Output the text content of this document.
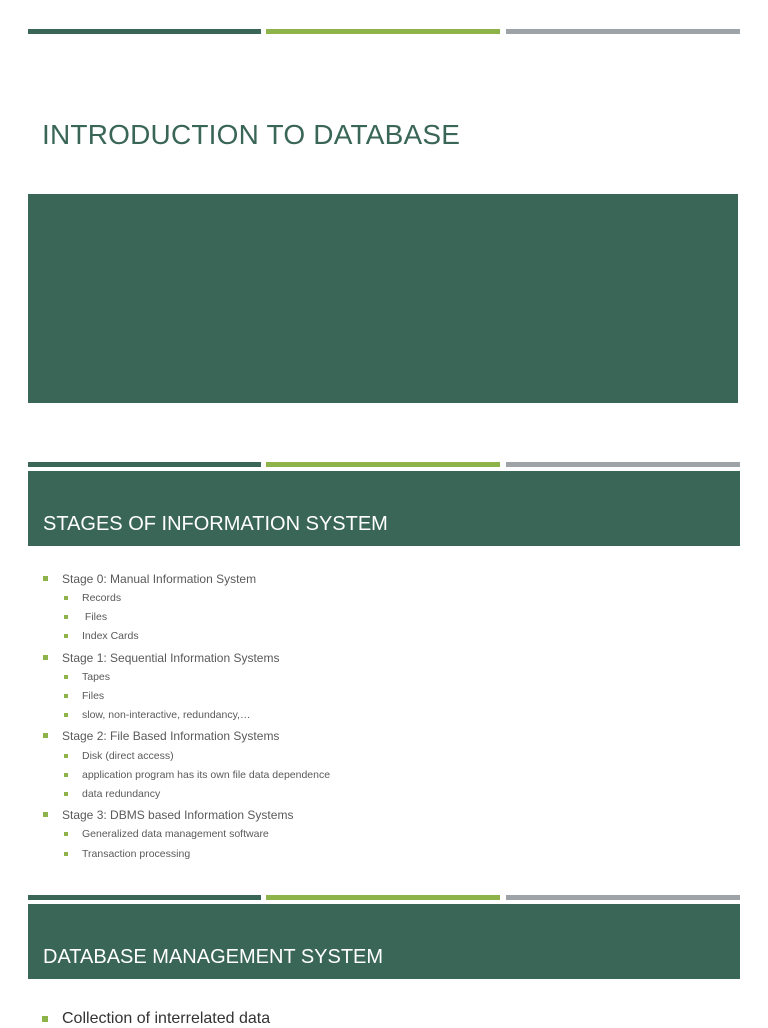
INTRODUCTION TO DATABASE
STAGES OF INFORMATION SYSTEM
Stage 0: Manual Information System
Records
Files
Index Cards
Stage 1: Sequential Information Systems
Tapes
Files
slow, non-interactive, redundancy,…
Stage 2: File Based Information Systems
Disk (direct access)
application program has its own file data dependence
data redundancy
Stage 3: DBMS based Information Systems
Generalized data management software
Transaction processing
DATABASE MANAGEMENT SYSTEM
Collection of interrelated data
